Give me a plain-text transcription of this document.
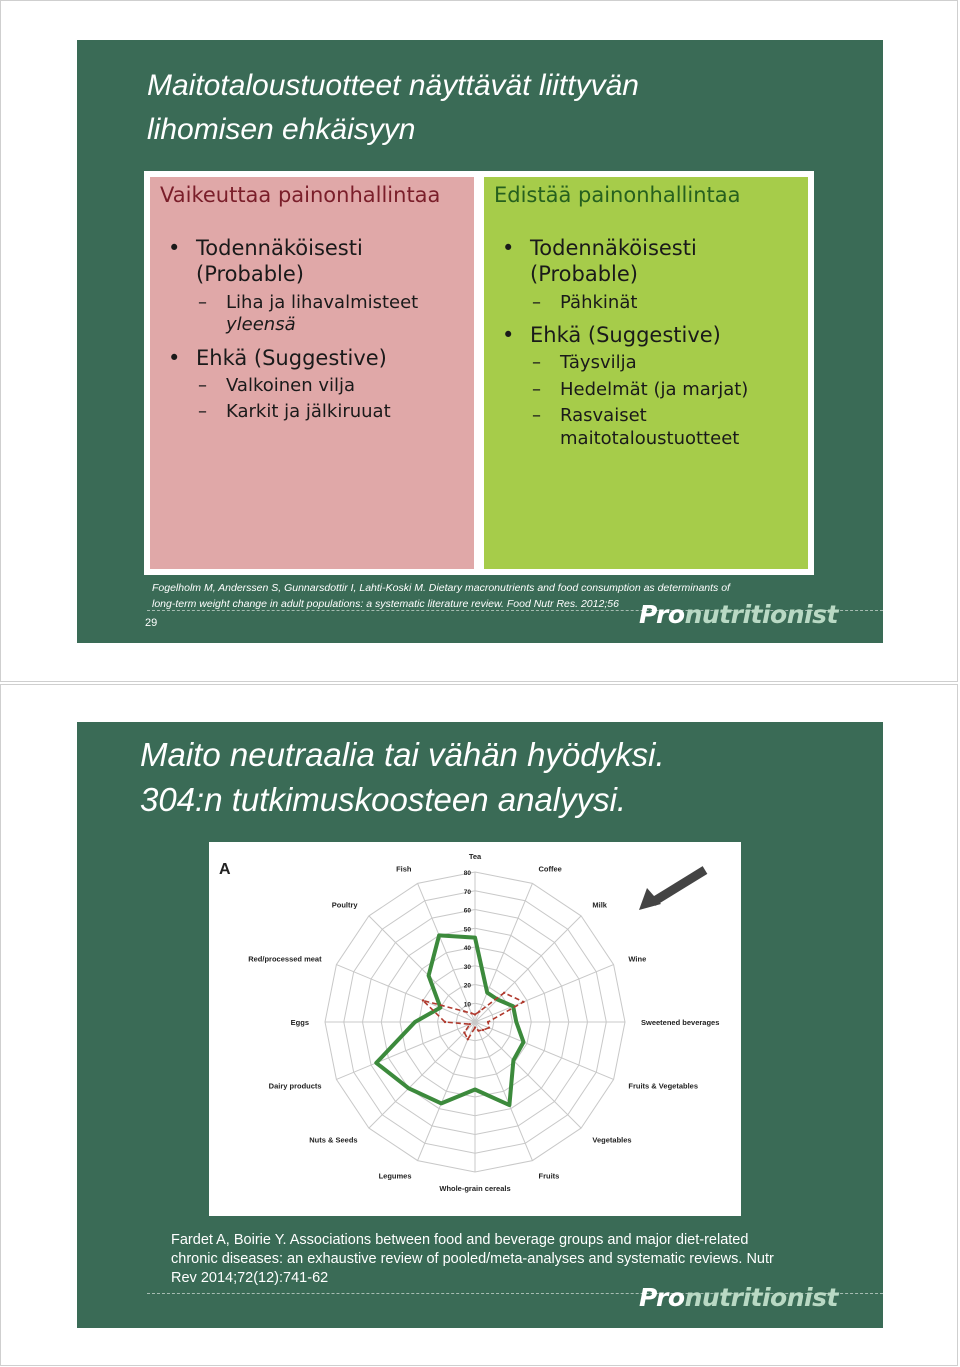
Maitotaloustuotteet näyttävät liittyvän
lihomisen ehkäisyyn
Vaikeuttaa painonhallintaa
• Todennäköisesti
(Probable)
– Liha ja lihavalmisteet
yleensä
• Ehkä (Suggestive)
– Valkoinen vilja
– Karkit ja jälkiruuat
Edistää painonhallintaa
• Todennäköisesti
(Probable)
– Pähkinät
• Ehkä (Suggestive)
– Täysvilja
– Hedelmät (ja marjat)
– Rasvaiset
maitotaloustuotteet
Fogelholm M, Anderssen S, Gunnarsdottir I, Lahti-Koski M. Dietary macronutrients and food consumption as determinants of
long-term weight change in adult populations: a systematic literature review. Food Nutr Res. 2012;56
29	Pronutritionist
Maito neutraalia tai vähän hyödyksi.
304:n tutkimuskoosteen analyysi.
A
10
20
30
40
50
60
70
80
Tea
Coffee
Milk
Wine
Sweetened beverages
Fruits & Vegetables
Vegetables
Fruits
Whole-grain cereals
Legumes
Nuts & Seeds
Dairy products
Eggs
Red/processed meat
Poultry
Fish
Fardet A, Boirie Y. Associations between food and beverage groups and major diet-related
chronic diseases: an exhaustive review of pooled/meta-analyses and systematic reviews. Nutr
Rev 2014;72(12):741-62
Pronutritionist
